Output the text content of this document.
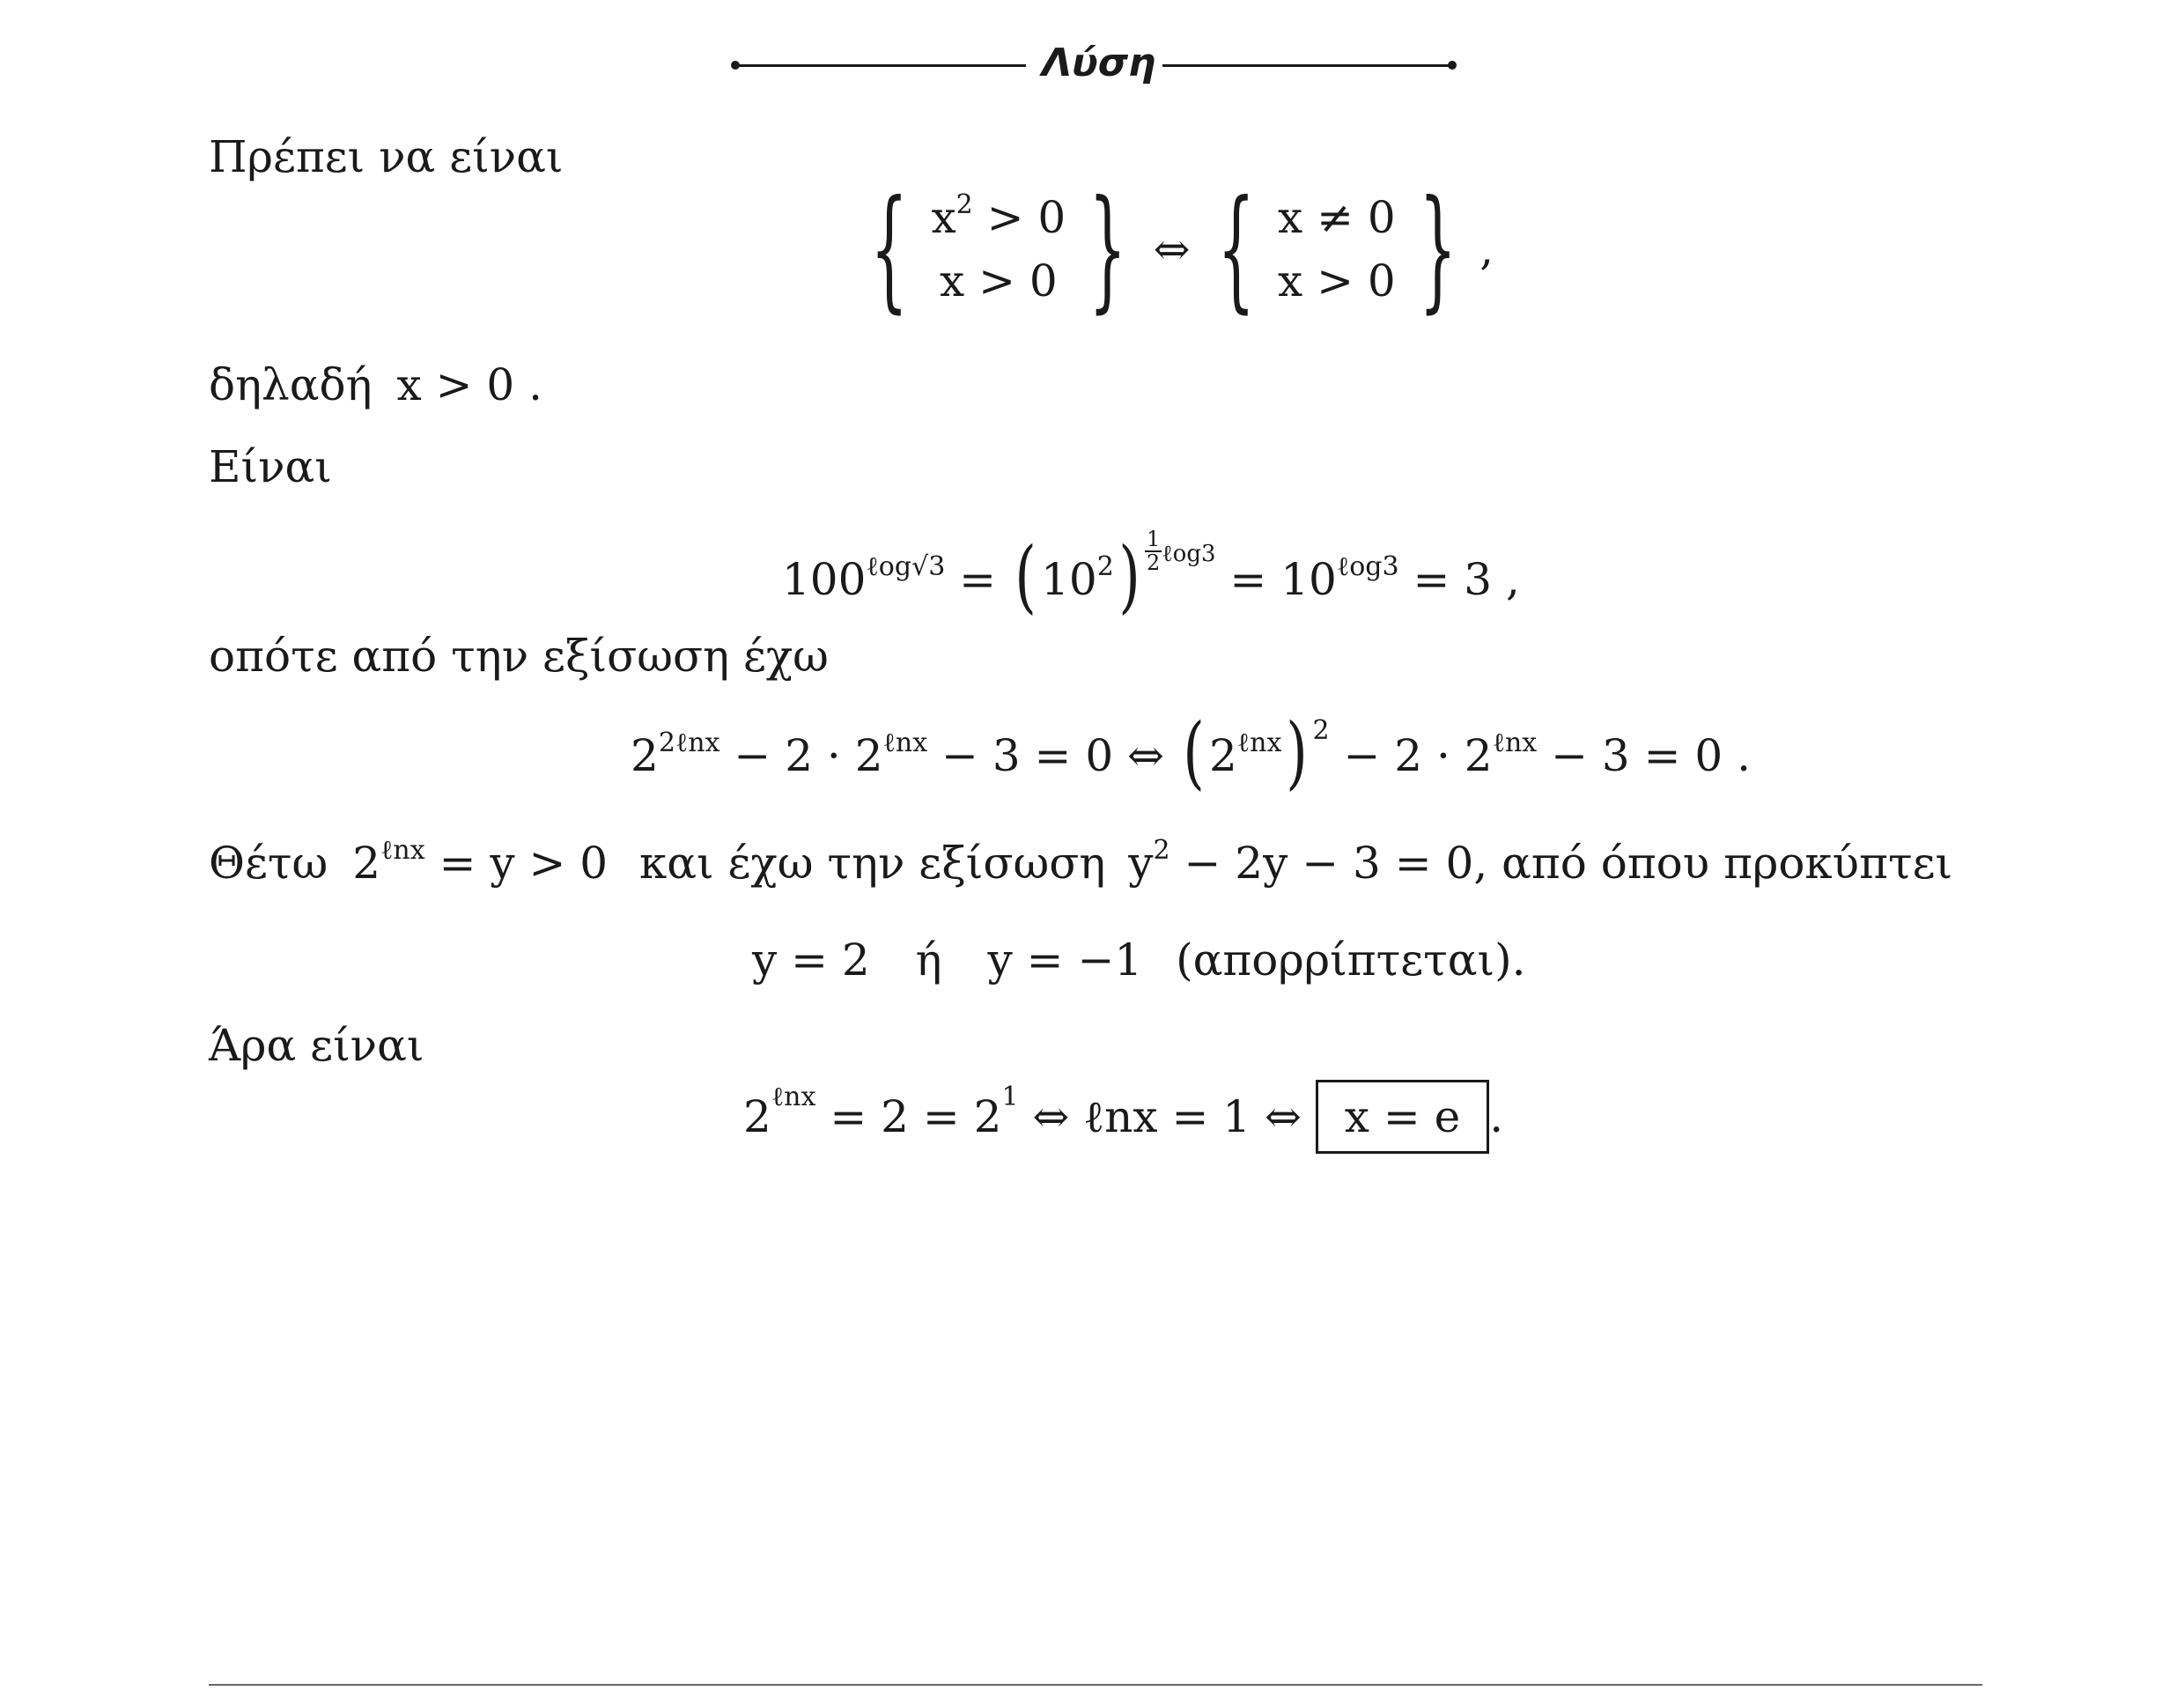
Λύση
Πρέπει να είναι
{ $x^2 > 0$
x > 0 } ⇔ { x ≠ 0
x > 0 } ,
δηλαδή x > 0 .
Είναι
$100^{\ell og√3}$ = ( $10^2) \frac{1}{2} ^{\ell og3} = 10^{\ell og3} = 3$ ,
οπότε από την εξίσωση έχω
$2^{2\ell nx} - 2 \cdot 2^{\ell nx} - 3 = 0$ ⇔ ( $2^{\ell nx}$) $^2 - 2 \cdot 2^{\ell nx} - 3 = 0$ .
Θέτω $2^{\ell nx} = y > 0$ και έχω την εξίσωση $y^2 - 2y - 3 = 0$, από όπου προκύπτει
y = 2 ή y = −1 (απορρίπτεται).
Άρα είναι
2 ℓnx = 2 = 2 1 ⇔ ℓnx = 1 ⇔ x = e .
